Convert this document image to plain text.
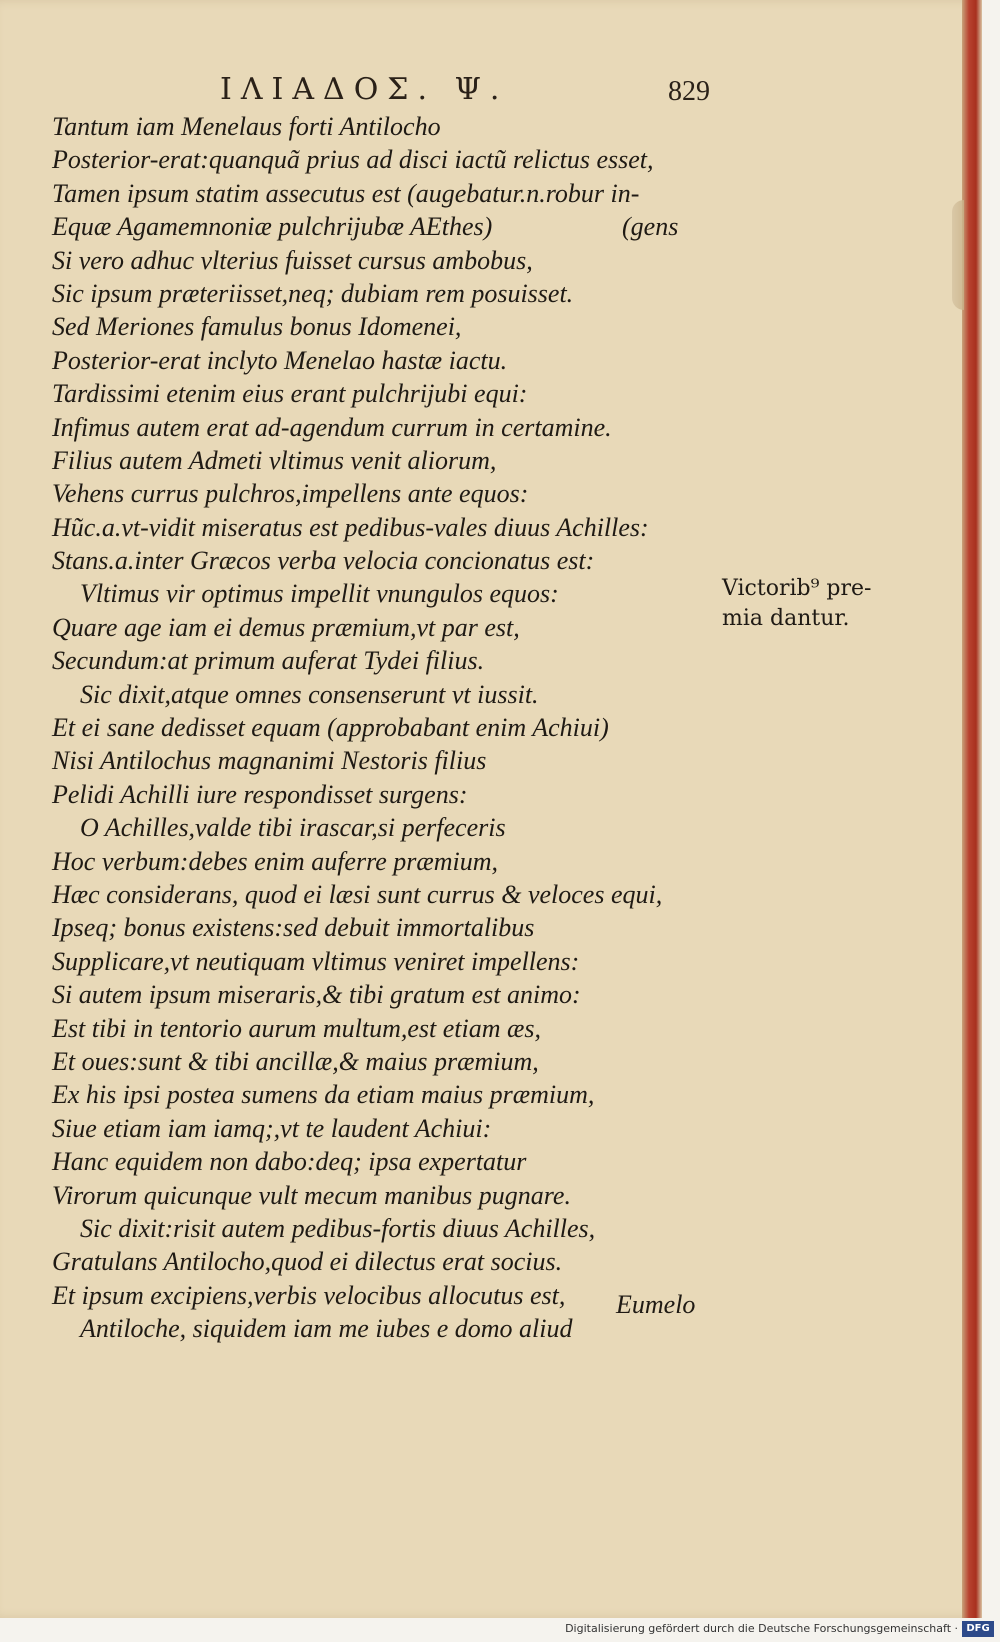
ΙΛΙΑΔΟΣ. Ψ.	829
Tantum iam Menelaus forti Antilocho
Posterior-erat:quanquã prius ad disci iactũ relictus esset,
Tamen ipsum statim assecutus est (augebatur.n.robur in-
Equæ Agamemnoniæ pulchrijubæ AEthes)	(gens
Si vero adhuc vlterius fuisset cursus ambobus,
Sic ipsum præteriisset,neq; dubiam rem posuisset.
Sed Meriones famulus bonus Idomenei,
Posterior-erat inclyto Menelao hastæ iactu.
Tardissimi etenim eius erant pulchrijubi equi:
Infimus autem erat ad-agendum currum in certamine.
Filius autem Admeti vltimus venit aliorum,
Vehens currus pulchros,impellens ante equos:
Hũc.a.vt-vidit miseratus est pedibus-vales diuus Achilles:
Stans.a.inter Græcos verba velocia concionatus est:
Vltimus vir optimus impellit vnungulos equos:
Quare age iam ei demus præmium,vt par est,
Secundum:at primum auferat Tydei filius.
Sic dixit,atque omnes consenserunt vt iussit.
Et ei sane dedisset equam (approbabant enim Achiui)
Nisi Antilochus magnanimi Nestoris filius
Pelidi Achilli iure respondisset surgens:
O Achilles,valde tibi irascar,si perfeceris
Hoc verbum:debes enim auferre præmium,
Hæc considerans, quod ei læsi sunt currus & veloces equi,
Ipseq; bonus existens:sed debuit immortalibus
Supplicare,vt neutiquam vltimus veniret impellens:
Si autem ipsum miseraris,& tibi gratum est animo:
Est tibi in tentorio aurum multum,est etiam æs,
Et oues:sunt & tibi ancillæ,& maius præmium,
Ex his ipsi postea sumens da etiam maius præmium,
Siue etiam iam iamq;,vt te laudent Achiui:
Hanc equidem non dabo:deq; ipsa expertatur
Virorum quicunque vult mecum manibus pugnare.
Sic dixit:risit autem pedibus-fortis diuus Achilles,
Gratulans Antilocho,quod ei dilectus erat socius.
Et ipsum excipiens,verbis velocibus allocutus est,
Antiloche, siquidem iam me iubes e domo aliud
Victorib⁹ pre-
mia dantur.
Eumelo
Digitalisierung gefördert durch die Deutsche Forschungsgemeinschaft · DFG
